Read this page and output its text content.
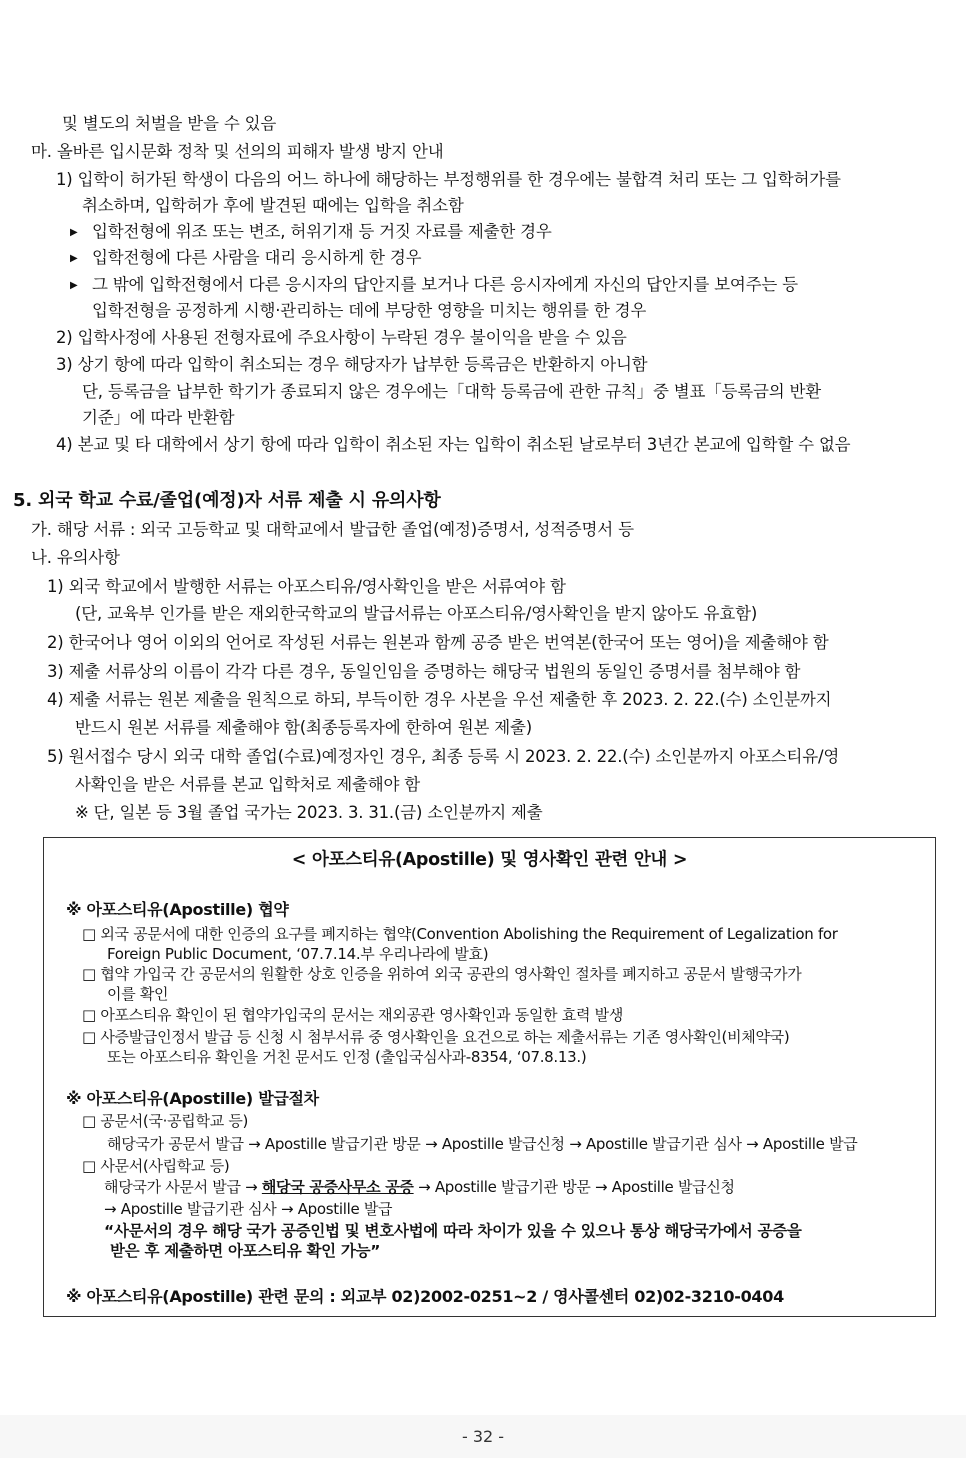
및 별도의 처벌을 받을 수 있음
마. 올바른 입시문화 정착 및 선의의 피해자 발생 방지 안내
1) 입학이 허가된 학생이 다음의 어느 하나에 해당하는 부정행위를 한 경우에는 불합격 처리 또는 그 입학허가를
취소하며, 입학허가 후에 발견된 때에는 입학을 취소함
▶ 입학전형에 위조 또는 변조, 허위기재 등 거짓 자료를 제출한 경우
▶ 입학전형에 다른 사람을 대리 응시하게 한 경우
▶ 그 밖에 입학전형에서 다른 응시자의 답안지를 보거나 다른 응시자에게 자신의 답안지를 보여주는 등
입학전형을 공정하게 시행·관리하는 데에 부당한 영향을 미치는 행위를 한 경우
2) 입학사정에 사용된 전형자료에 주요사항이 누락된 경우 불이익을 받을 수 있음
3) 상기 항에 따라 입학이 취소되는 경우 해당자가 납부한 등록금은 반환하지 아니함
단, 등록금을 납부한 학기가 종료되지 않은 경우에는「대학 등록금에 관한 규칙」중 별표「등록금의 반환
기준」에 따라 반환함
4) 본교 및 타 대학에서 상기 항에 따라 입학이 취소된 자는 입학이 취소된 날로부터 3년간 본교에 입학할 수 없음
5. 외국 학교 수료/졸업(예정)자 서류 제출 시 유의사항
가. 해당 서류 : 외국 고등학교 및 대학교에서 발급한 졸업(예정)증명서, 성적증명서 등
나. 유의사항
1) 외국 학교에서 발행한 서류는 아포스티유/영사확인을 받은 서류여야 함
(단, 교육부 인가를 받은 재외한국학교의 발급서류는 아포스티유/영사확인을 받지 않아도 유효함)
2) 한국어나 영어 이외의 언어로 작성된 서류는 원본과 함께 공증 받은 번역본(한국어 또는 영어)을 제출해야 함
3) 제출 서류상의 이름이 각각 다른 경우, 동일인임을 증명하는 해당국 법원의 동일인 증명서를 첨부해야 함
4) 제출 서류는 원본 제출을 원칙으로 하되, 부득이한 경우 사본을 우선 제출한 후 2023. 2. 22.(수) 소인분까지
반드시 원본 서류를 제출해야 함(최종등록자에 한하여 원본 제출)
5) 원서접수 당시 외국 대학 졸업(수료)예정자인 경우, 최종 등록 시 2023. 2. 22.(수) 소인분까지 아포스티유/영
사확인을 받은 서류를 본교 입학처로 제출해야 함
※ 단, 일본 등 3월 졸업 국가는 2023. 3. 31.(금) 소인분까지 제출
< 아포스티유(Apostille) 및 영사확인 관련 안내 >
※ 아포스티유(Apostille) 협약
□ 외국 공문서에 대한 인증의 요구를 폐지하는 협약(Convention Abolishing the Requirement of Legalization for
Foreign Public Document, ‘07.7.14.부 우리나라에 발효)
□ 협약 가입국 간 공문서의 원활한 상호 인증을 위하여 외국 공관의 영사확인 절차를 폐지하고 공문서 발행국가가
이를 확인
□ 아포스티유 확인이 된 협약가입국의 문서는 재외공관 영사확인과 동일한 효력 발생
□ 사증발급인정서 발급 등 신청 시 첨부서류 중 영사확인을 요건으로 하는 제출서류는 기존 영사확인(비체약국)
또는 아포스티유 확인을 거친 문서도 인정 (출입국심사과-8354, ‘07.8.13.)
※ 아포스티유(Apostille) 발급절차
□ 공문서(국·공립학교 등)
해당국가 공문서 발급 → Apostille 발급기관 방문 → Apostille 발급신청 → Apostille 발급기관 심사 → Apostille 발급
□ 사문서(사립학교 등)
해당국가 사문서 발급 → 해당국 공증사무소 공증 → Apostille 발급기관 방문 → Apostille 발급신청
→ Apostille 발급기관 심사 → Apostille 발급
“사문서의 경우 해당 국가 공증인법 및 변호사법에 따라 차이가 있을 수 있으나 통상 해당국가에서 공증을
받은 후 제출하면 아포스티유 확인 가능”
※ 아포스티유(Apostille) 관련 문의 : 외교부 02)2002-0251~2 / 영사콜센터 02)02-3210-0404
- 32 -
